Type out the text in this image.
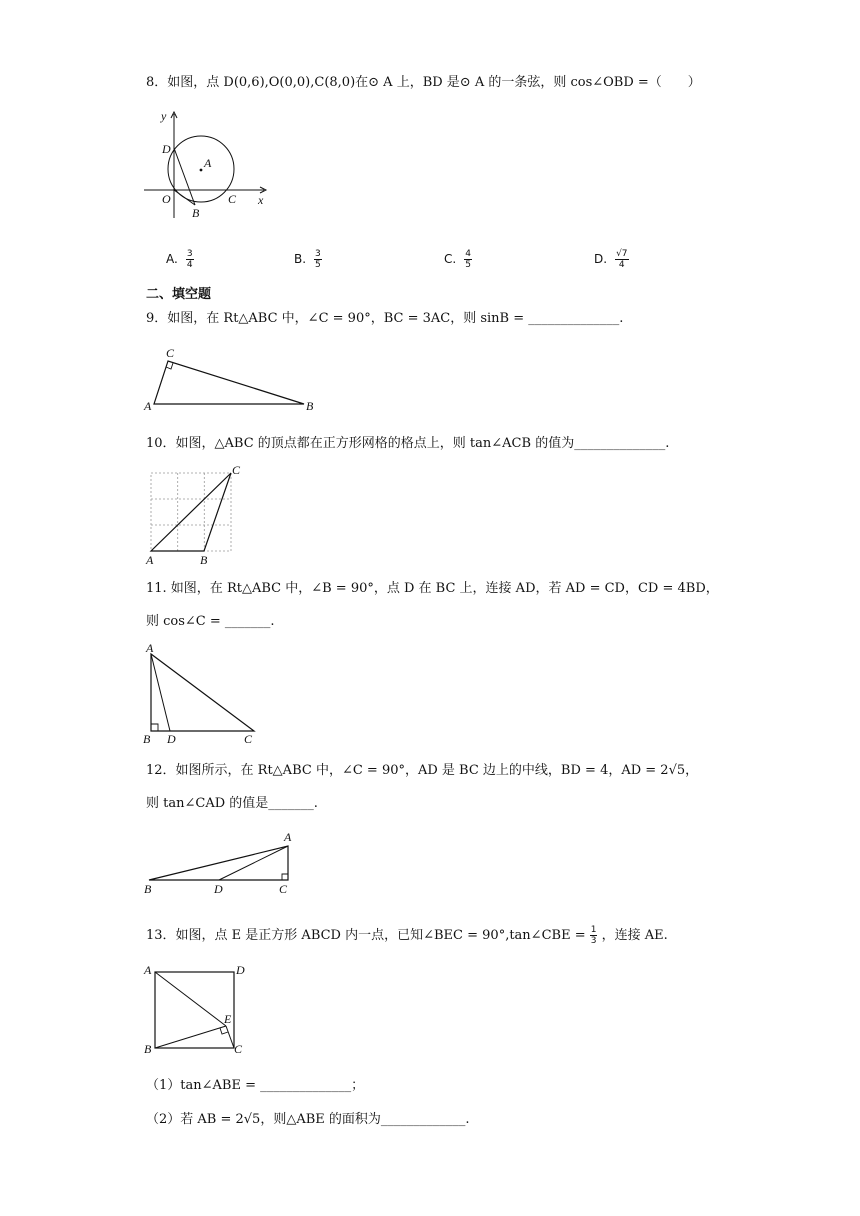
8．如图，点 D(0,6),O(0,0),C(8,0)在⊙ A 上，BD 是⊙ A 的一条弦，则 cos∠OBD =（　　）
y
x
D
A
O
B
C
A. $\frac{3}{4}$	B. $\frac{3}{5}$	C. $\frac{4}{5}$	D. $\frac{√7}{4}$
二、填空题
9．如图，在 Rt△ABC 中，∠C = 90°，BC = 3AC，则 sinB = ______________.
C
A	B
10．如图，△ABC 的顶点都在正方形网格的格点上，则 tan∠ACB 的值为______________.
C
A	B
11. 如图，在 Rt△ABC 中，∠B = 90°，点 D 在 BC 上，连接 AD，若 AD = CD，CD = 4BD，
则 cos∠C = _______.
A
B D	C
12．如图所示，在 Rt△ABC 中，∠C = 90°，AD 是 BC 边上的中线，BD = 4，AD = 2√5，
则 tan∠CAD 的值是_______.
A
B	D	C
13．如图，点 E 是正方形 ABCD 内一点，已知∠BEC = 90°,tan∠CBE = $\frac{1}{3}$ ，连接 AE.
A	D
E
B	C
（1）tan∠ABE = ______________；
（2）若 AB = 2√5，则△ABE 的面积为_____________.
